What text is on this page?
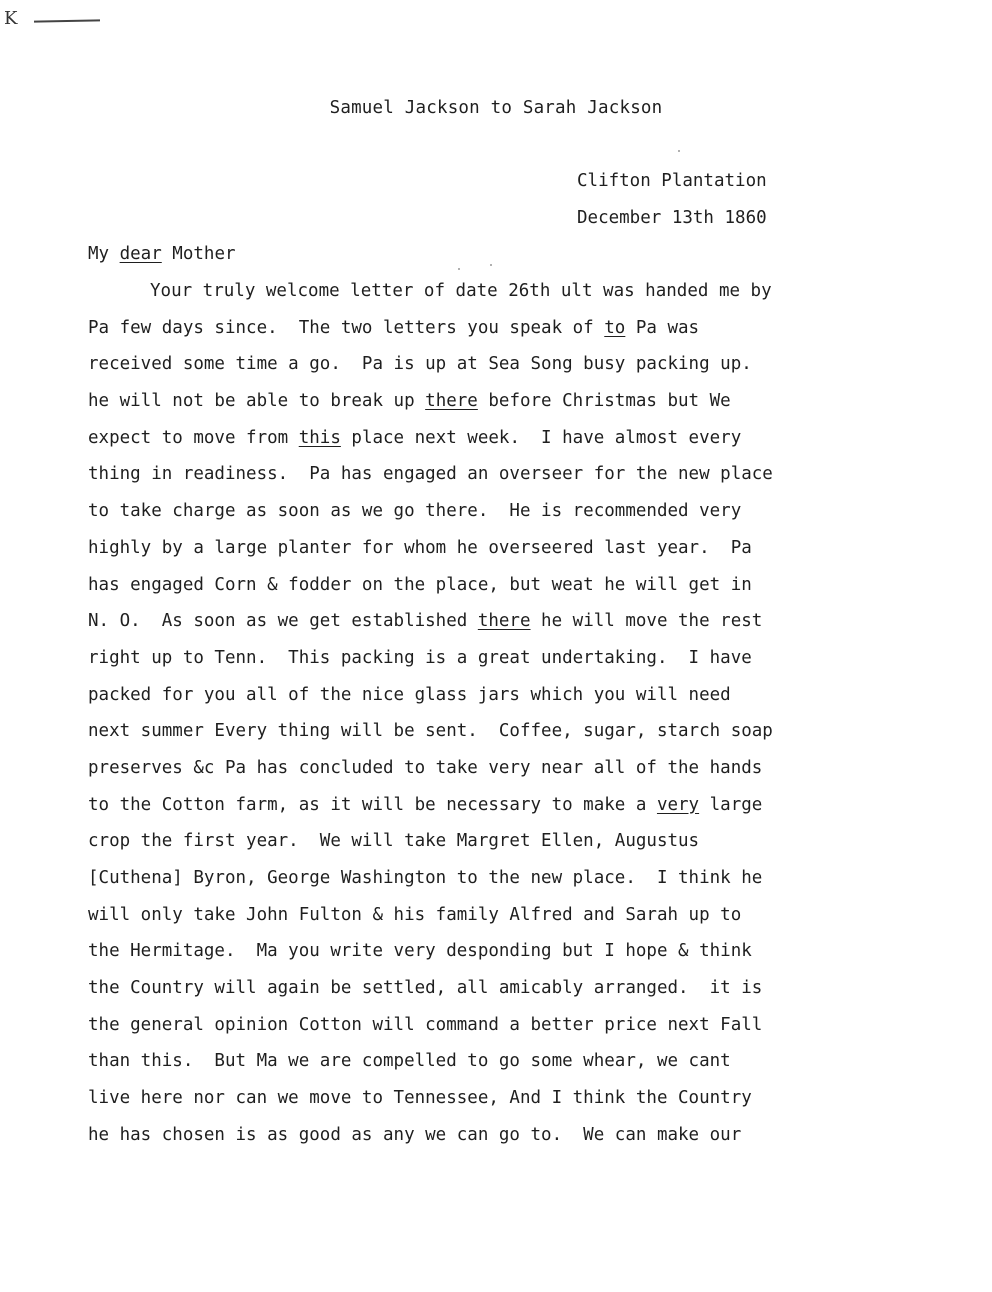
K
Samuel Jackson to Sarah Jackson
Clifton Plantation
December 13th 1860
My dear Mother
Your truly welcome letter of date 26th ult was handed me by
Pa few days since.  The two letters you speak of to Pa was
received some time a go.  Pa is up at Sea Song busy packing up.
he will not be able to break up there before Christmas but We
expect to move from this place next week.  I have almost every
thing in readiness.  Pa has engaged an overseer for the new place
to take charge as soon as we go there.  He is recommended very
highly by a large planter for whom he overseered last year.  Pa
has engaged Corn & fodder on the place, but weat he will get in
N. O.  As soon as we get established there he will move the rest
right up to Tenn.  This packing is a great undertaking.  I have
packed for you all of the nice glass jars which you will need
next summer Every thing will be sent.  Coffee, sugar, starch soap
preserves &c Pa has concluded to take very near all of the hands
to the Cotton farm, as it will be necessary to make a very large
crop the first year.  We will take Margret Ellen, Augustus
[Cuthena] Byron, George Washington to the new place.  I think he
will only take John Fulton & his family Alfred and Sarah up to
the Hermitage.  Ma you write very desponding but I hope & think
the Country will again be settled, all amicably arranged.  it is
the general opinion Cotton will command a better price next Fall
than this.  But Ma we are compelled to go some whear, we cant
live here nor can we move to Tennessee, And I think the Country
he has chosen is as good as any we can go to.  We can make our
